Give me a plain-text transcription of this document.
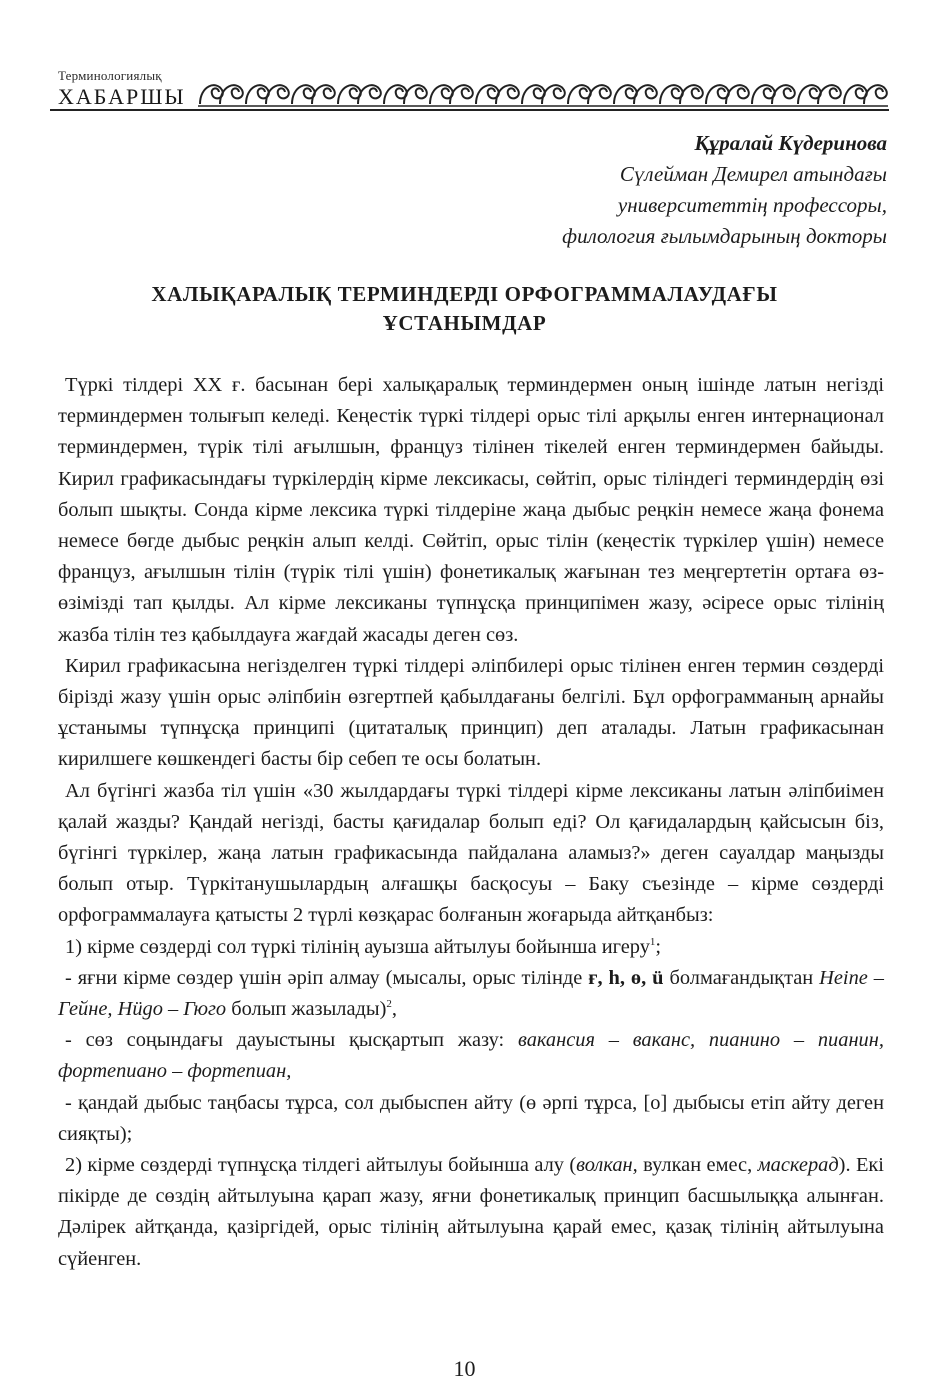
Терминологиялық
ХАБАРШЫ
Құралай Күдеринова
Сүлейман Демирел атындағы
университеттің профессоры,
филология ғылымдарының докторы
ХАЛЫҚАРАЛЫҚ ТЕРМИНДЕРДІ ОРФОГРАММАЛАУДАҒЫ
ҰСТАНЫМДАР

Түркі тілдері ХХ ғ. басынан бері халықаралық терминдермен оның ішінде латын негізді терминдермен толығып келеді. Кеңестік түркі тілдері орыс тілі арқылы енген интернационал терминдермен, түрік тілі ағылшын, француз тілінен тікелей енген терминдермен байыды. Кирил графикасындағы түркілердің кірме лексикасы, сөйтіп, орыс тіліндегі терминдердің өзі болып шықты. Сонда кірме лексика түркі тілдеріне жаңа дыбыс реңкін немесе жаңа фонема немесе бөгде дыбыс реңкін алып келді. Сөйтіп, орыс тілін (кеңестік түркілер үшін) немесе француз, ағылшын тілін (түрік тілі үшін) фонетикалық жағынан тез меңгертетін ортаға өз-өзімізді тап қылды. Ал кірме лексиканы түпнұсқа принципімен жазу, әсіресе орыс тілінің жазба тілін тез қабылдауға жағдай жасады деген сөз.

Кирил графикасына негізделген түркі тілдері әліпбилері орыс тілінен енген термин сөздерді бірізді жазу үшін орыс әліпбиін өзгертпей қабылдағаны белгілі. Бұл орфограмманың арнайы ұстанымы түпнұсқа принципі (цитаталық принцип) деп аталады. Латын графикасынан кирилшеге көшкендегі басты бір себеп те осы болатын.

Ал бүгінгі жазба тіл үшін «30 жылдардағы түркі тілдері кірме лексиканы латын әліпбиімен қалай жазды? Қандай негізді, басты қағидалар болып еді? Ол қағидалардың қайсысын біз, бүгінгі түркілер, жаңа латын графикасында пайдалана аламыз?» деген сауалдар маңызды болып отыр. Түркітанушылардың алғашқы басқосуы – Баку съезінде – кірме сөздерді орфограммалауға қатысты 2 түрлі көзқарас болғанын жоғарыда айтқанбыз:

1) кірме сөздерді сол түркі тілінің ауызша айтылуы бойынша игеру$^1$;

- яғни кірме сөздер үшін әріп алмау (мысалы, орыс тілінде ғ, һ, ө, ü болмағандықтан Heine – Гейне, Hügo – Гюго болып жазылады)$^2$,

- сөз соңындағы дауыстыны қысқартып жазу: вакансия – ваканс, пианино – пианин, фортепиано – фортепиан,

- қандай дыбыс таңбасы тұрса, сол дыбыспен айту (ө әрпі тұрса, [о] дыбысы етіп айту деген сияқты);

2) кірме сөздерді түпнұсқа тілдегі айтылуы бойынша алу (волкан, вулкан емес, маскерад). Екі пікірде де сөздің айтылуына қарап жазу, яғни фонетикалық принцип басшылыққа алынған. Дәлірек айтқанда, қазіргідей, орыс тілінің айтылуына қарай емес, қазақ тілінің айтылуына сүйенген.

10
